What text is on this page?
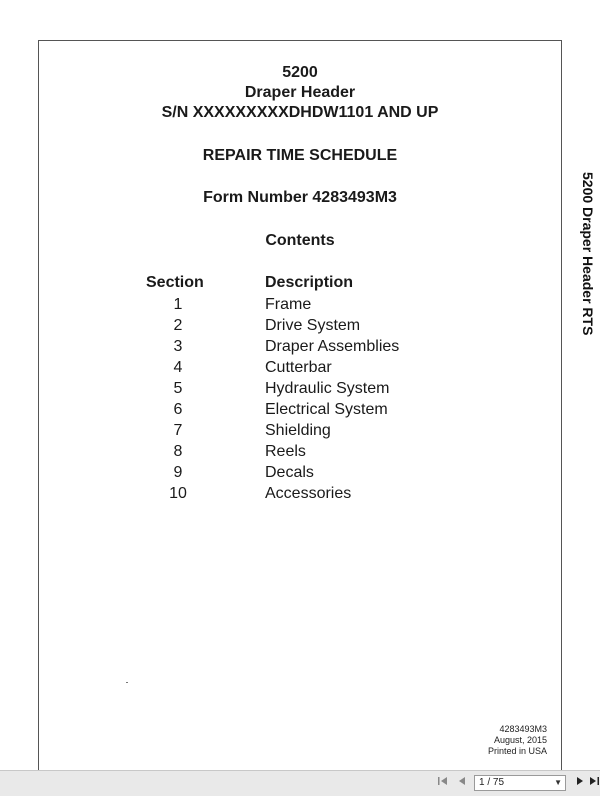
5200
Draper Header
S/N XXXXXXXXXDHDW1101 AND UP
REPAIR TIME SCHEDULE
Form Number 4283493M3
Contents
Section	Description
1	Frame
2	Drive System
3	Draper Assemblies
4	Cutterbar
5	Hydraulic System
6	Electrical System
7	Shielding
8	Reels
9	Decals
10	Accessories
4283493M3
August, 2015
Printed in USA
5200 Draper Header RTS
1 / 75	▼
